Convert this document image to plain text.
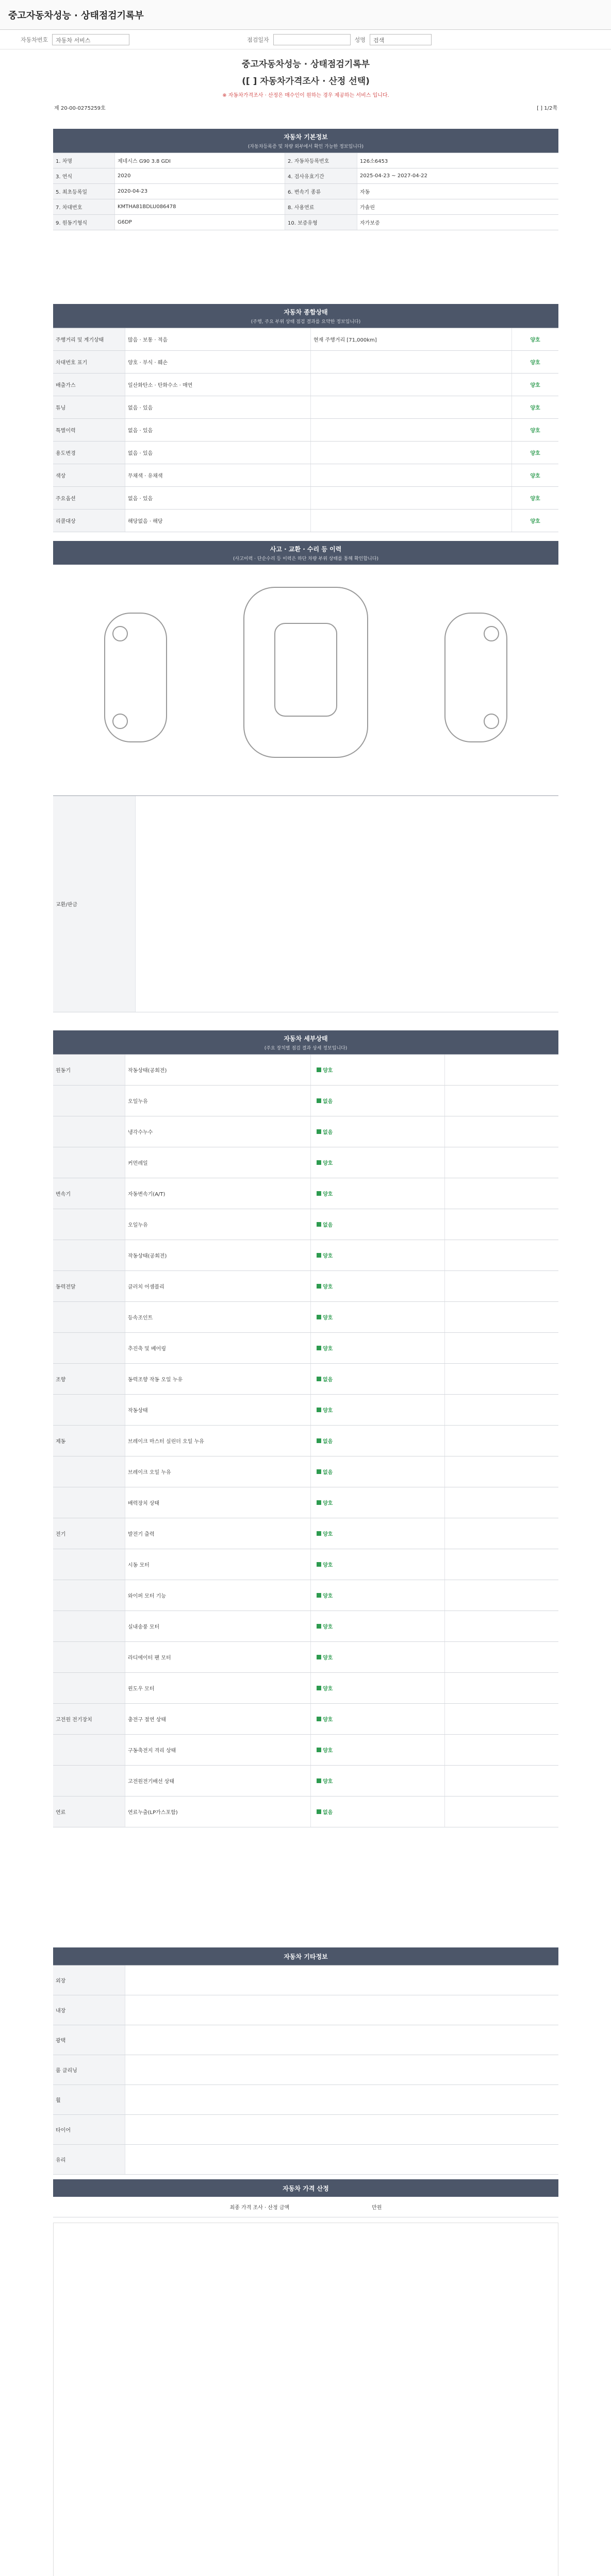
중고자동차성능 · 상태점검기록부
자동차번호	자동차 서비스	점검일자	성명	검색
중고자동차성능 · 상태점검기록부
([ ] 자동차가격조사 · 산정 선택)
※ 자동차가격조사 · 산정은 매수인이 원하는 경우 제공하는 서비스 입니다.
제 20-00-0275259호	[ ] 1/2쪽
자동차 기본정보
(자동차등록증 및 차량 외부에서 확인 가능한 정보입니다)
1. 차명	제네시스 G90 3.8 GDI	2. 자동차등록번호	126소6453
3. 연식	2020	4. 검사유효기간	2025-04-23 ~ 2027-04-22
5. 최초등록일	2020-04-23	6. 변속기 종류	자동
7. 차대번호	KMTHA81BDLU086478	8. 사용연료	가솔린
9. 원동기형식	G6DP	10. 보증유형	자가보증
자동차 종합상태
(주행, 주요 부위 상태 점검 결과를 요약한 정보입니다)
주행거리 및 계기상태	많음 · 보통 · 적음	현재 주행거리 [71,000km]	양호
차대번호 표기	양호 · 부식 · 훼손	양호
배출가스	일산화탄소 · 탄화수소 · 매연	양호
튜닝	없음 · 있음	양호
특별이력	없음 · 있음	양호
용도변경	없음 · 있음	양호
색상	무채색 · 유채색	양호
주요옵션	없음 · 있음	양호
리콜대상	해당없음 · 해당	양호
사고 · 교환 · 수리 등 이력
(사고이력 · 단순수리 등 이력은 하단 차량 부위 상태를 통해 확인합니다)
교환/판금
자동차 세부상태
(주요 장치별 점검 결과 상세 정보입니다)
원동기	작동상태(공회전)	양호
오일누유	없음
냉각수누수	없음
커먼레일	양호
변속기	자동변속기(A/T)	양호
오일누유	없음
작동상태(공회전)	양호
동력전달	클러치 어셈블리	양호
등속조인트	양호
추진축 및 베어링	양호
조향	동력조향 작동 오일 누유	없음
작동상태	양호
제동	브레이크 마스터 실린더 오일 누유	없음
브레이크 오일 누유	없음
배력장치 상태	양호
전기	발전기 출력	양호
시동 모터	양호
와이퍼 모터 기능	양호
실내송풍 모터	양호
라디에이터 팬 모터	양호
윈도우 모터	양호
고전원 전기장치	충전구 절연 상태	양호
구동축전지 격리 상태	양호
고전원전기배선 상태	양호
연료	연료누출(LP가스포함)	없음
자동차 기타정보
외장
내장
광택
룸 클리닝
휠
타이어
유리
자동차 가격 산정
최종 가격 조사 · 산정 금액	만원
